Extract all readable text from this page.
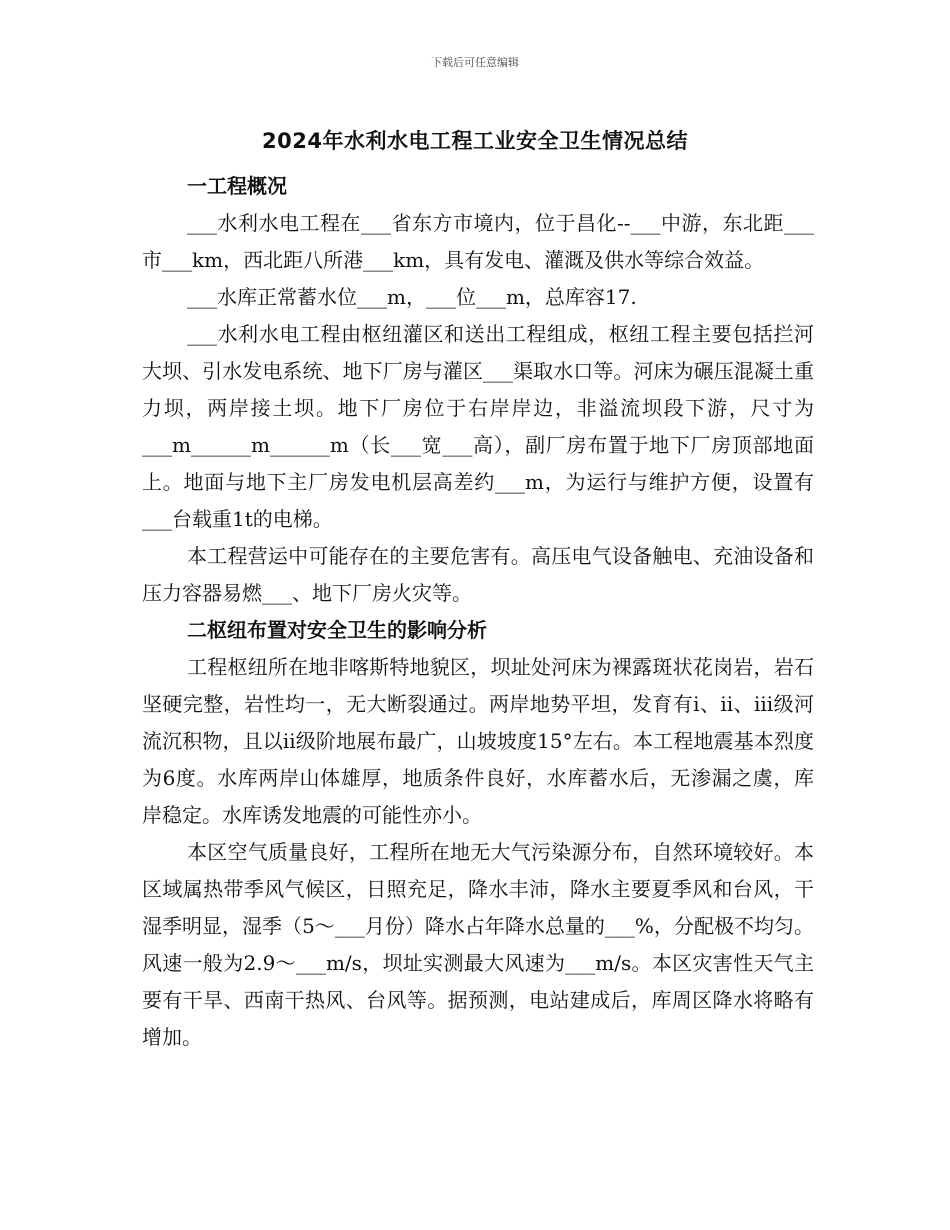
下载后可任意编辑
2024年水利水电工程工业安全卫生情况总结
一工程概况

___水利水电工程在___省东方市境内，位于昌化--___中游，东北距___市___km，西北距八所港___km，具有发电、灌溉及供水等综合效益。

___水库正常蓄水位___m，___位___m，总库容17.

___水利水电工程由枢纽灌区和送出工程组成，枢纽工程主要包括拦河大坝、引水发电系统、地下厂房与灌区___渠取水口等。河床为碾压混凝土重力坝，两岸接土坝。地下厂房位于右岸岸边，非溢流坝段下游，尺寸为___m______m______m（长___宽___高），副厂房布置于地下厂房顶部地面上。地面与地下主厂房发电机层高差约___m，为运行与维护方便，设置有___台载重1t的电梯。

本工程营运中可能存在的主要危害有。高压电气设备触电、充油设备和压力容器易燃___、地下厂房火灾等。

二枢纽布置对安全卫生的影响分析

工程枢纽所在地非喀斯特地貌区，坝址处河床为裸露斑状花岗岩，岩石坚硬完整，岩性均一，无大断裂通过。两岸地势平坦，发育有i、ii、iii级河流沉积物，且以ii级阶地展布最广，山坡坡度15°左右。本工程地震基本烈度为6度。水库两岸山体雄厚，地质条件良好，水库蓄水后，无渗漏之虞，库岸稳定。水库诱发地震的可能性亦小。

本区空气质量良好，工程所在地无大气污染源分布，自然环境较好。本区域属热带季风气候区，日照充足，降水丰沛，降水主要夏季风和台风，干湿季明显，湿季（5～___月份）降水占年降水总量的___%，分配极不均匀。风速一般为2.9～___m/s，坝址实测最大风速为___m/s。本区灾害性天气主要有干旱、西南干热风、台风等。据预测，电站建成后，库周区降水将略有增加。
